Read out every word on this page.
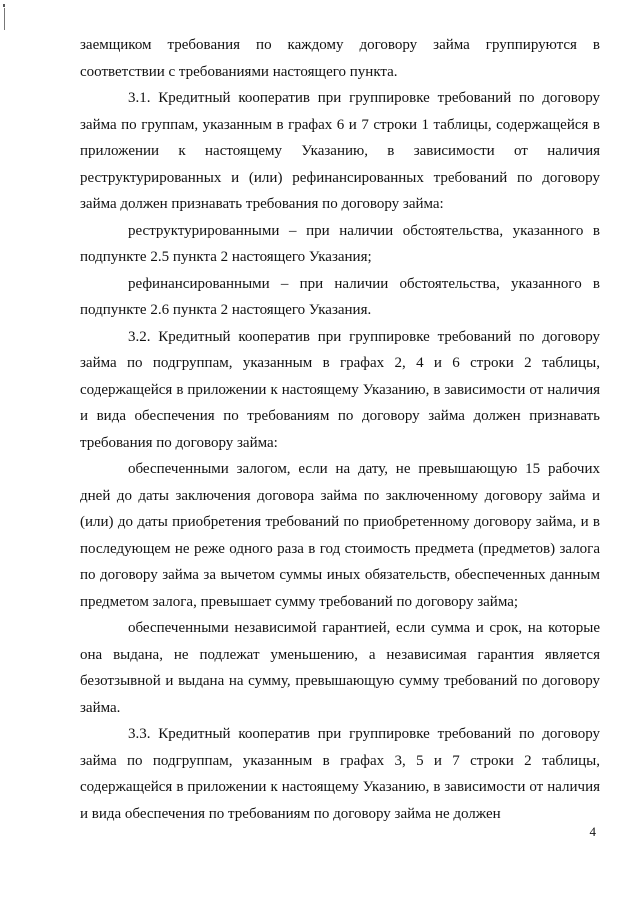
заемщиком требования по каждому договору займа группируются в соответствии с требованиями настоящего пункта.

3.1. Кредитный кооператив при группировке требований по договору займа по группам, указанным в графах 6 и 7 строки 1 таблицы, содержащейся в приложении к настоящему Указанию, в зависимости от наличия реструктурированных и (или) рефинансированных требований по договору займа должен признавать требования по договору займа:

реструктурированными – при наличии обстоятельства, указанного в подпункте 2.5 пункта 2 настоящего Указания;

рефинансированными – при наличии обстоятельства, указанного в подпункте 2.6 пункта 2 настоящего Указания.

3.2. Кредитный кооператив при группировке требований по договору займа по подгруппам, указанным в графах 2, 4 и 6 строки 2 таблицы, содержащейся в приложении к настоящему Указанию, в зависимости от наличия и вида обеспечения по требованиям по договору займа должен признавать требования по договору займа:

обеспеченными залогом, если на дату, не превышающую 15 рабочих дней до даты заключения договора займа по заключенному договору займа и (или) до даты приобретения требований по приобретенному договору займа, и в последующем не реже одного раза в год стоимость предмета (предметов) залога по договору займа за вычетом суммы иных обязательств, обеспеченных данным предметом залога, превышает сумму требований по договору займа;

обеспеченными независимой гарантией, если сумма и срок, на которые она выдана, не подлежат уменьшению, а независимая гарантия является безотзывной и выдана на сумму, превышающую сумму требований по договору займа.

3.3. Кредитный кооператив при группировке требований по договору займа по подгруппам, указанным в графах 3, 5 и 7 строки 2 таблицы, содержащейся в приложении к настоящему Указанию, в зависимости от наличия и вида обеспечения по требованиям по договору займа не должен

4
